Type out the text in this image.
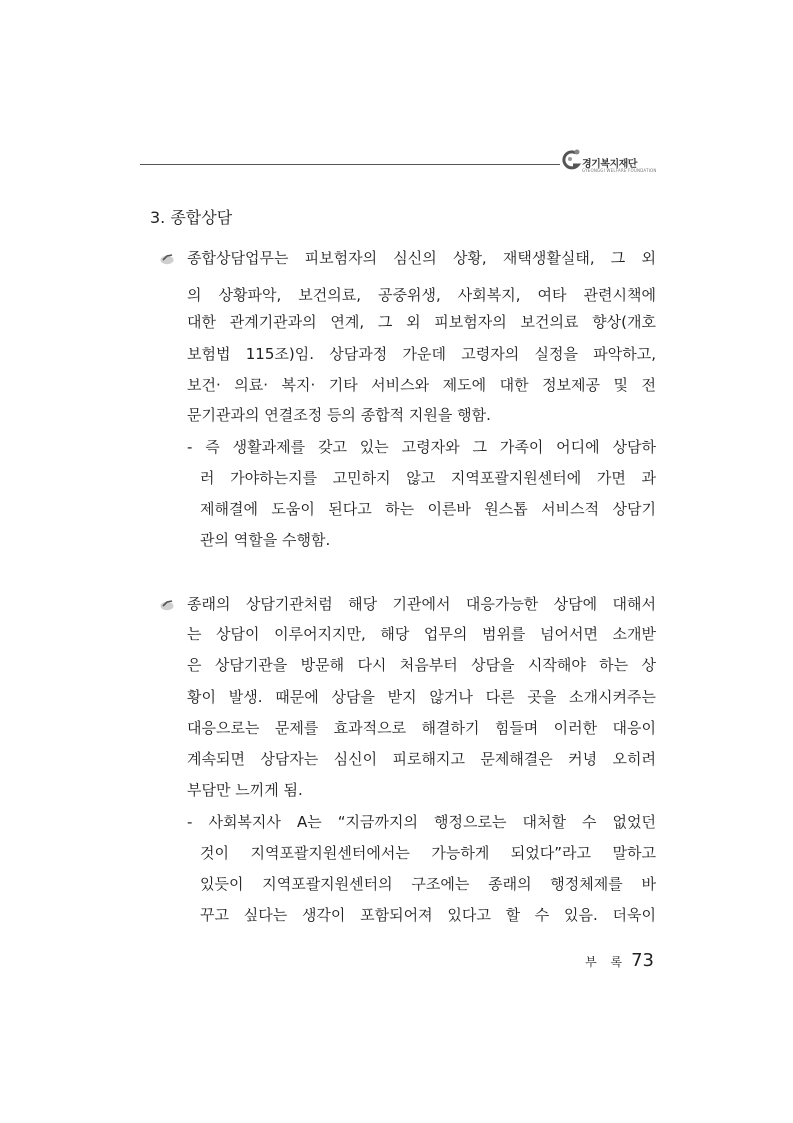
경기복지재단
GYEONGGI WELFARE FOUNDATION
3. 종합상담
종합상담업무는 피보험자의 심신의 상황, 재택생활실태, 그 외
의 상황파악, 보건의료, 공중위생, 사회복지, 여타 관련시책에
대한 관계기관과의 연계, 그 외 피보험자의 보건의료 향상(개호
보험법 115조)임. 상담과정 가운데 고령자의 실정을 파악하고,
보건· 의료· 복지· 기타 서비스와 제도에 대한 정보제공 및 전
문기관과의 연결조정 등의 종합적 지원을 행함.
- 즉 생활과제를 갖고 있는 고령자와 그 가족이 어디에 상담하
러 가야하는지를 고민하지 않고 지역포괄지원센터에 가면 과
제해결에 도움이 된다고 하는 이른바 원스톱 서비스적 상담기
관의 역할을 수행함.
종래의 상담기관처럼 해당 기관에서 대응가능한 상담에 대해서
는 상담이 이루어지지만, 해당 업무의 범위를 넘어서면 소개받
은 상담기관을 방문해 다시 처음부터 상담을 시작해야 하는 상
황이 발생. 때문에 상담을 받지 않거나 다른 곳을 소개시켜주는
대응으로는 문제를 효과적으로 해결하기 힘들며 이러한 대응이
계속되면 상담자는 심신이 피로해지고 문제해결은 커녕 오히려
부담만 느끼게 됨.
- 사회복지사 A는 “지금까지의 행정으로는 대처할 수 없었던
것이 지역포괄지원센터에서는 가능하게 되었다”라고 말하고
있듯이 지역포괄지원센터의 구조에는 종래의 행정체제를 바
꾸고 싶다는 생각이 포함되어져 있다고 할 수 있음. 더욱이
부 록 73
